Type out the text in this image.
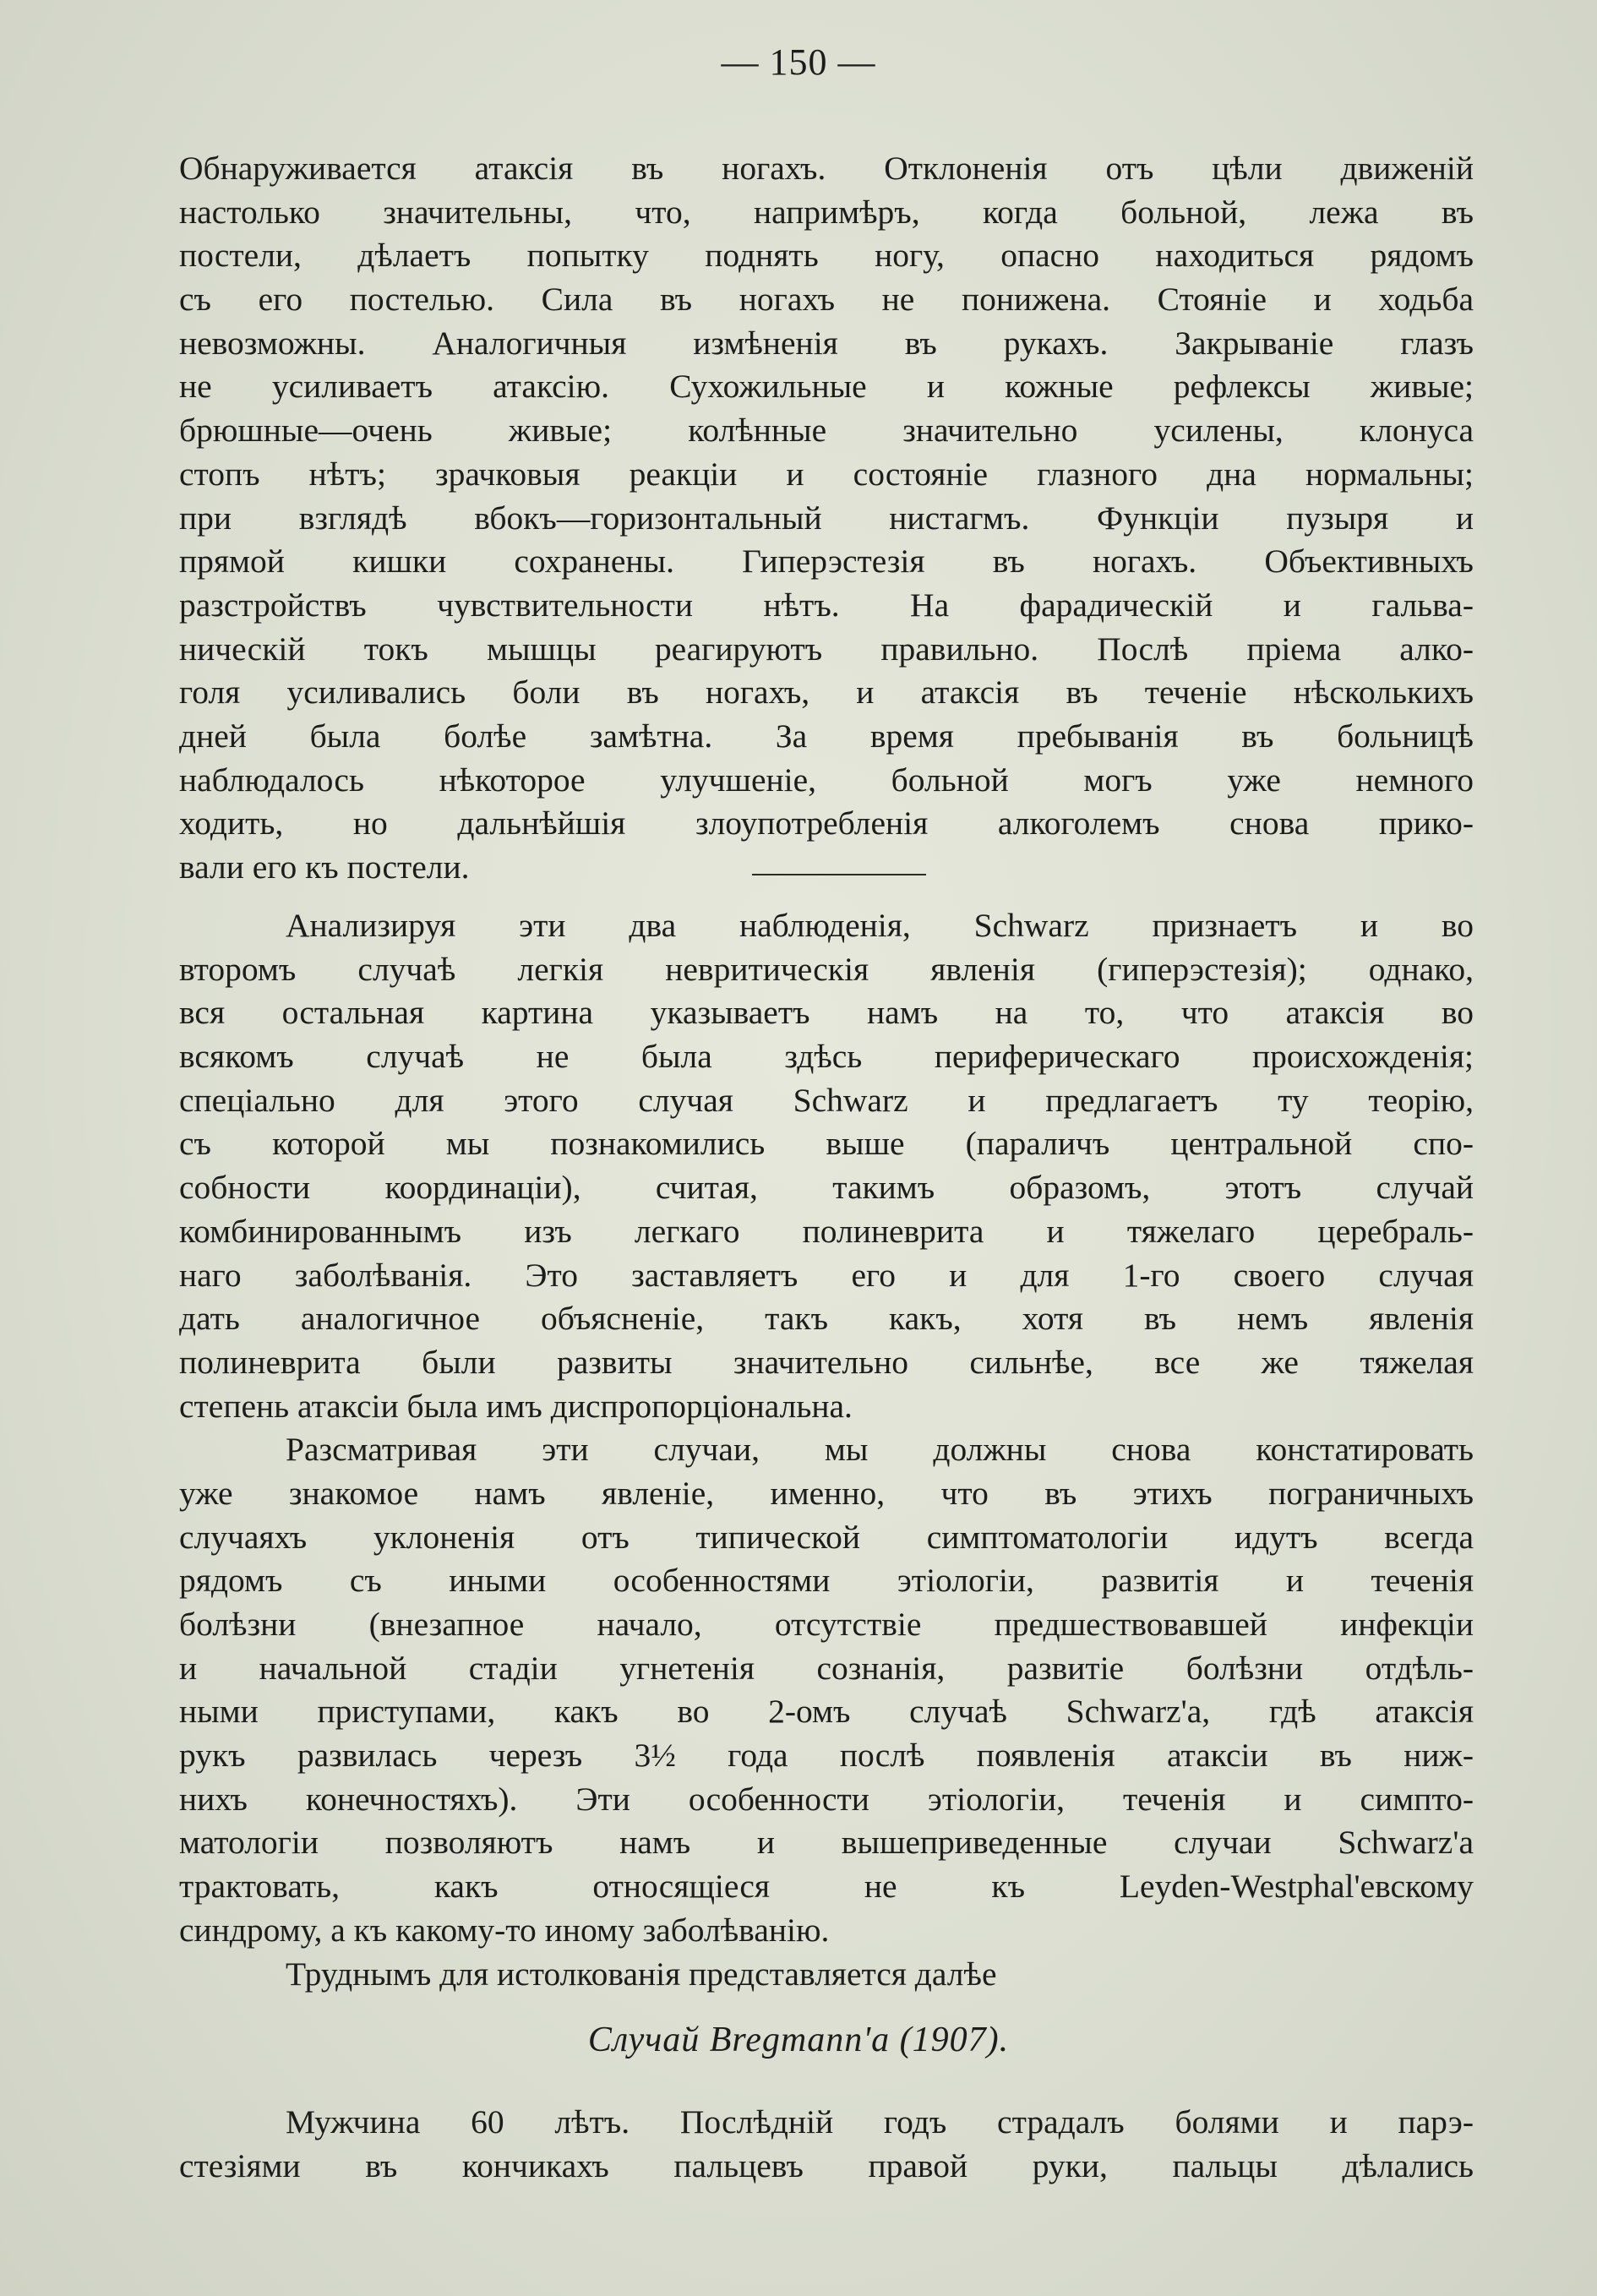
— 150 —
Обнаруживается атаксія въ ногахъ. Отклоненія отъ цѣли движеній
настолько значительны, что, напримѣръ, когда больной, лежа въ
постели, дѣлаетъ попытку поднять ногу, опасно находиться рядомъ
съ его постелью. Сила въ ногахъ не понижена. Стояніе и ходьба
невозможны. Аналогичныя измѣненія въ рукахъ. Закрываніе глазъ
не усиливаетъ атаксію. Сухожильные и кожные рефлексы живые;
брюшные—очень живые; колѣнные значительно усилены, клонуса
стопъ нѣтъ; зрачковыя реакціи и состояніе глазного дна нормальны;
при взглядѣ вбокъ—горизонтальный нистагмъ. Функціи пузыря и
прямой кишки сохранены. Гиперэстезія въ ногахъ. Объективныхъ
разстройствъ чувствительности нѣтъ. На фарадическій и гальва-
ническій токъ мышцы реагируютъ правильно. Послѣ пріема алко-
голя усиливались боли въ ногахъ, и атаксія въ теченіе нѣсколькихъ
дней была болѣе замѣтна. За время пребыванія въ больницѣ
наблюдалось нѣкоторое улучшеніе, больной могъ уже немного
ходить, но дальнѣйшія злоупотребленія алкоголемъ снова прико-
вали его къ постели.
Анализируя эти два наблюденія, Schwarz признаетъ и во
второмъ случаѣ легкія невритическія явленія (гиперэстезія); однако,
вся остальная картина указываетъ намъ на то, что атаксія во
всякомъ случаѣ не была здѣсь периферическаго происхожденія;
спеціально для этого случая Schwarz и предлагаетъ ту теорію,
съ которой мы познакомились выше (параличъ центральной спо-
собности координаціи), считая, такимъ образомъ, этотъ случай
комбинированнымъ изъ легкаго полиневрита и тяжелаго церебраль-
наго заболѣванія. Это заставляетъ его и для 1-го своего случая
дать аналогичное объясненіе, такъ какъ, хотя въ немъ явленія
полиневрита были развиты значительно сильнѣе, все же тяжелая
степень атаксіи была имъ диспропорціональна.
Разсматривая эти случаи, мы должны снова констатировать
уже знакомое намъ явленіе, именно, что въ этихъ пограничныхъ
случаяхъ уклоненія отъ типической симптоматологіи идутъ всегда
рядомъ съ иными особенностями этіологіи, развитія и теченія
болѣзни (внезапное начало, отсутствіе предшествовавшей инфекціи
и начальной стадіи угнетенія сознанія, развитіе болѣзни отдѣль-
ными приступами, какъ во 2-омъ случаѣ Schwarz'a, гдѣ атаксія
рукъ развилась черезъ 3½ года послѣ появленія атаксіи въ ниж-
нихъ конечностяхъ). Эти особенности этіологіи, теченія и симпто-
матологіи позволяютъ намъ и вышеприведенные случаи Schwarz'a
трактовать, какъ относящіеся не къ Leyden-Westphal'евскому
синдрому, а къ какому-то иному заболѣванію.
Труднымъ для истолкованія представляется далѣе
Случай Bregmann'a (1907).
Мужчина 60 лѣтъ. Послѣдній годъ страдалъ болями и парэ-
стезіями въ кончикахъ пальцевъ правой руки, пальцы дѣлались
